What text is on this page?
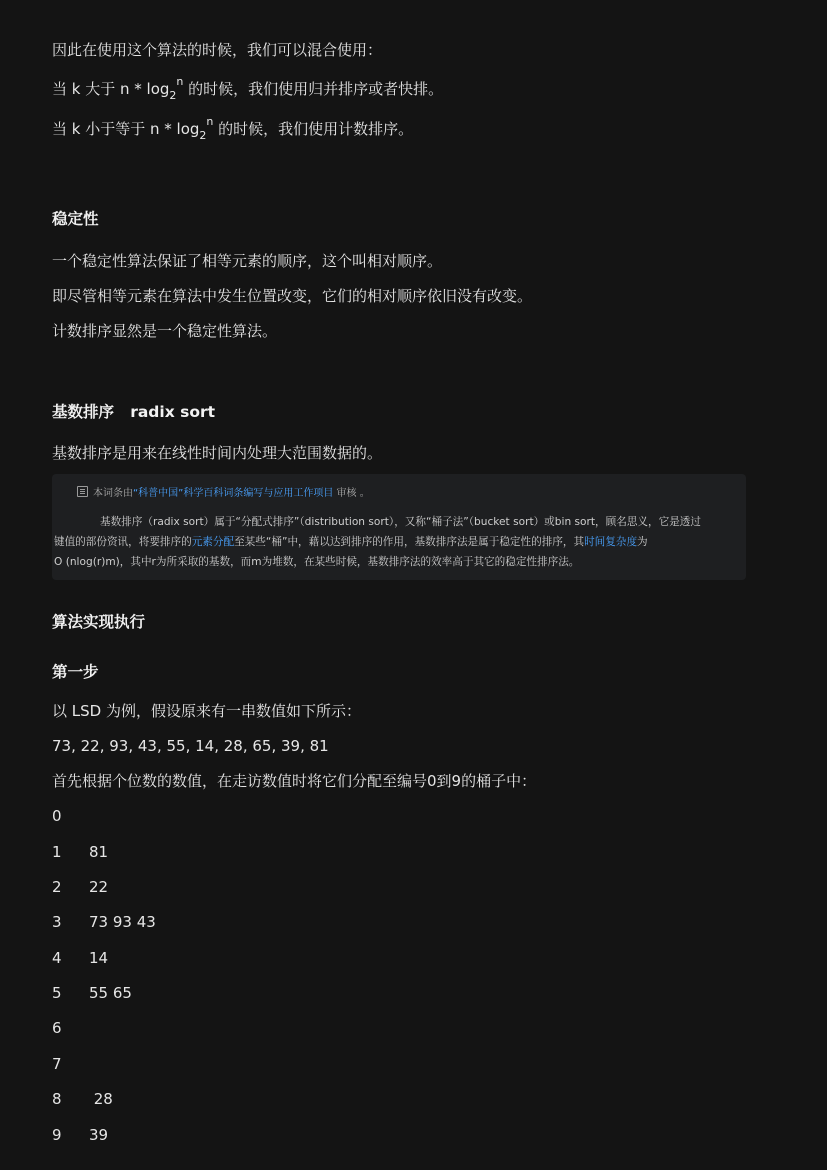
因此在使用这个算法的时候，我们可以混合使用：
当 k 大于 n * $\log_2^n$ 的时候，我们使用归并排序或者快排。
当 k 小于等于 n * $\log_2^n$ 的时候，我们使用计数排序。
稳定性
一个稳定性算法保证了相等元素的顺序，这个叫相对顺序。
即尽管相等元素在算法中发生位置改变，它们的相对顺序依旧没有改变。
计数排序显然是一个稳定性算法。
基数排序   radix sort
基数排序是用来在线性时间内处理大范围数据的。
本词条由“科普中国”科学百科词条编写与应用工作项目 审核 。
基数排序（radix sort）属于“分配式排序”（distribution sort），又称“桶子法”（bucket sort）或bin sort，顾名思义，它是透过
键值的部份资讯，将要排序的元素分配至某些“桶”中，藉以达到排序的作用，基数排序法是属于稳定性的排序，其时间复杂度为
O (nlog(r)m)，其中r为所采取的基数，而m为堆数，在某些时候，基数排序法的效率高于其它的稳定性排序法。
算法实现执行
第一步
以 LSD 为例，假设原来有一串数值如下所示：
73, 22, 93, 43, 55, 14, 28, 65, 39, 81
首先根据个位数的数值，在走访数值时将它们分配至编号0到9的桶子中：
0
1 81
2 22
3 73 93 43
4 14
5 55 65
6
7
8 28
9 39
